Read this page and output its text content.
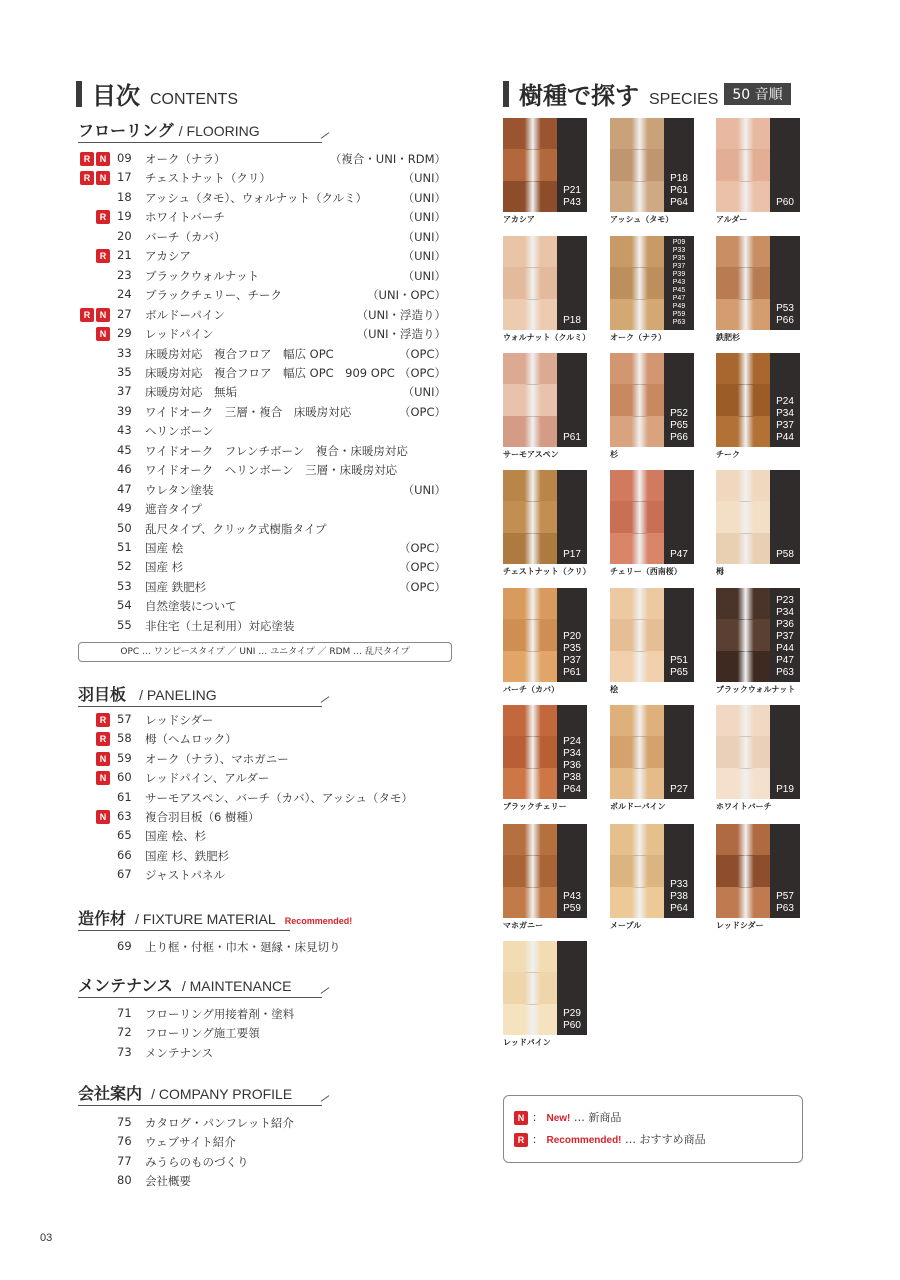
目次 CONTENTS	樹種で探す SPECIES	50 音順
フローリング / FLOORING
R	N 09	オーク（ナラ）	（複合・UNI・RDM）
R	N 17	チェストナット（クリ）	（UNI）
18	アッシュ（タモ）、ウォルナット（クルミ）	（UNI）
R 19	ホワイトバーチ	（UNI）
20	バーチ（カバ）	（UNI）
R 21	アカシア	（UNI）
23	ブラックウォルナット	（UNI）
24	ブラックチェリー、チーク	（UNI・OPC）
R	N 27	ボルドーパイン	（UNI・浮造り）
N 29	レッドパイン	（UNI・浮造り）
33	床暖房対応　複合フロア　幅広 OPC	（OPC）
35	床暖房対応　複合フロア　幅広 OPC　909 OPC （OPC）
37	床暖房対応　無垢	（UNI）
39	ワイドオーク　三層・複合　床暖房対応	（OPC）
43	ヘリンボーン
45	ワイドオーク　フレンチボーン　複合・床暖房対応
46	ワイドオーク　ヘリンボーン　三層・床暖房対応
47	ウレタン塗装	（UNI）
49	遮音タイプ
50	乱尺タイプ、クリック式樹脂タイプ
51	国産 桧	（OPC）
52	国産 杉	（OPC）
53	国産 鉄肥杉	（OPC）
54	自然塗装について
55	非住宅（土足利用）対応塗装
OPC … ワンピースタイプ ／ UNI … ユニタイプ ／ RDM … 乱尺タイプ
羽目板 / PANELING
R 57	レッドシダー
R 58	栂（ヘムロック）
N 59	オーク（ナラ）、マホガニー
N 60	レッドパイン、アルダー
61	サーモアスペン、バーチ（カバ）、アッシュ（タモ）
N 63	複合羽目板（6 樹種）
65	国産 桧、杉
66	国産 杉、鉄肥杉
67	ジャストパネル
造作材 / FIXTURE MATERIAL Recommended!
69	上り框・付框・巾木・廻縁・床見切り
メンテナンス / MAINTENANCE
71	フローリング用接着剤・塗料
72	フローリング施工要領
73	メンテナンス
会社案内 / COMPANY PROFILE
75	カタログ・パンフレット紹介
76	ウェブサイト紹介
77	みうらのものづくり
80	会社概要
P21
P43
アカシア
P18
P61
P64
アッシュ（タモ）
P60
アルダー
P18
ウォルナット（クルミ）
P09
P33
P35
P37
P39
P43
P45
P47
P49
P59
P63
オーク（ナラ）
P53
P66
鉄肥杉
P61
サーモアスペン
P52
P65
P66
杉
P24
P34
P37
P44
チーク
P17
チェストナット（クリ）
P47
チェリー（西南桜）
P58
栂
P20
P35
P37
P61
バーチ（カバ）
P51
P65
桧
P23
P34
P36
P37
P44
P47
P63
ブラックウォルナット
P24
P34
P36
P38
P64
ブラックチェリー
P27
ボルドーパイン
P19
ホワイトバーチ
P43
P59
マホガニー
P33
P38
P64
メープル
P57
P63
レッドシダー
P29
P60
レッドパイン
N ： New! … 新商品
R ： Recommended! … おすすめ商品
03
